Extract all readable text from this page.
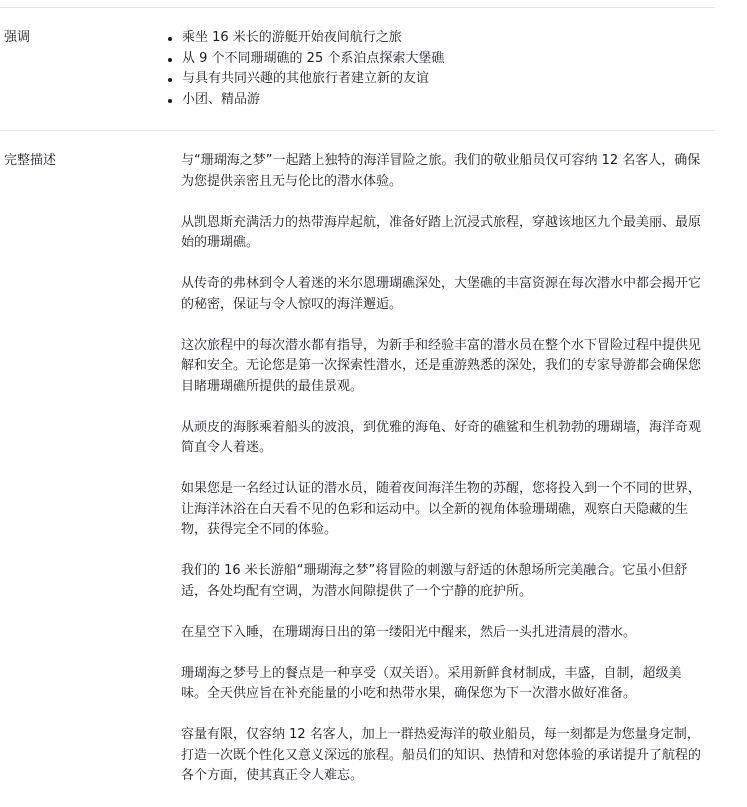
强调	乘坐 16 米长的游艇开始夜间航行之旅
从 9 个不同珊瑚礁的 25 个系泊点探索大堡礁
与具有共同兴趣的其他旅行者建立新的友谊
小团、精品游
完整描述	与“珊瑚海之梦”一起踏上独特的海洋冒险之旅。我们的敬业船员仅可容纳 12 名客人，确保为您提供亲密且无与伦比的潜水体验。

从凯恩斯充满活力的热带海岸起航，准备好踏上沉浸式旅程，穿越该地区九个最美丽、最原始的珊瑚礁。

从传奇的弗林到令人着迷的米尔恩珊瑚礁深处，大堡礁的丰富资源在每次潜水中都会揭开它的秘密，保证与令人惊叹的海洋邂逅。

这次旅程中的每次潜水都有指导，为新手和经验丰富的潜水员在整个水下冒险过程中提供见解和安全。无论您是第一次探索性潜水，还是重游熟悉的深处，我们的专家导游都会确保您目睹珊瑚礁所提供的最佳景观。

从顽皮的海豚乘着船头的波浪，到优雅的海龟、好奇的礁鲨和生机勃勃的珊瑚墙，海洋奇观简直令人着迷。

如果您是一名经过认证的潜水员，随着夜间海洋生物的苏醒，您将投入到一个不同的世界，让海洋沐浴在白天看不见的色彩和运动中。以全新的视角体验珊瑚礁，观察白天隐藏的生物，获得完全不同的体验。

我们的 16 米长游船“珊瑚海之梦”将冒险的刺激与舒适的休憩场所完美融合。它虽小但舒适，各处均配有空调，为潜水间隙提供了一个宁静的庇护所。

在星空下入睡，在珊瑚海日出的第一缕阳光中醒来，然后一头扎进清晨的潜水。

珊瑚海之梦号上的餐点是一种享受（双关语）。采用新鲜食材制成，丰盛，自制，超级美味。全天供应旨在补充能量的小吃和热带水果，确保您为下一次潜水做好准备。

容量有限，仅容纳 12 名客人，加上一群热爱海洋的敬业船员，每一刻都是为您量身定制，打造一次既个性化又意义深远的旅程。船员们的知识、热情和对您体验的承诺提升了航程的各个方面，使其真正令人难忘。
